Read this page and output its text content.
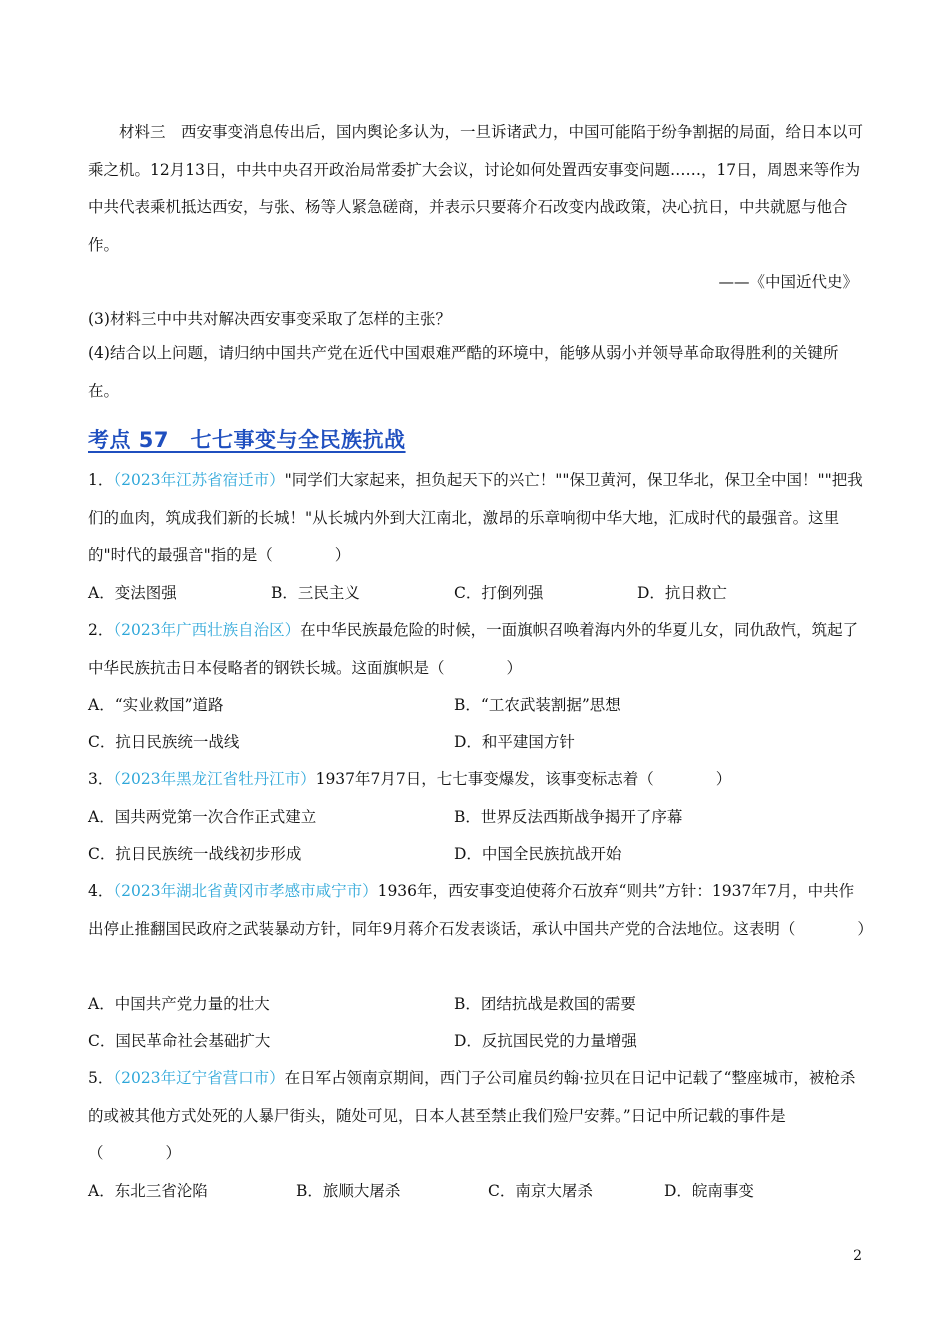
材料三　西安事变消息传出后，国内舆论多认为，一旦诉诸武力，中国可能陷于纷争割据的局面，给日本以可乘之机。12月13日，中共中央召开政治局常委扩大会议，讨论如何处置西安事变问题……，17日，周恩来等作为中共代表乘机抵达西安，与张、杨等人紧急磋商，并表示只要蒋介石改变内战政策，决心抗日，中共就愿与他合作。
——《中国近代史》
(3)材料三中中共对解决西安事变采取了怎样的主张？
(4)结合以上问题，请归纳中国共产党在近代中国艰难严酷的环境中，能够从弱小并领导革命取得胜利的关键所在。
考点 57　七七事变与全民族抗战
1．（2023年江苏省宿迁市）"同学们大家起来，担负起天下的兴亡！""保卫黄河，保卫华北，保卫全中国！""把我们的血肉，筑成我们新的长城！"从长城内外到大江南北，激昂的乐章响彻中华大地，汇成时代的最强音。这里的"时代的最强音"指的是（　　　　）
A．变法图强	B．三民主义	C．打倒列强	D．抗日救亡
2．（2023年广西壮族自治区）在中华民族最危险的时候，一面旗帜召唤着海内外的华夏儿女，同仇敌忾，筑起了中华民族抗击日本侵略者的钢铁长城。这面旗帜是（　　　　）
A．“实业救国”道路	B．“工农武装割据”思想
C．抗日民族统一战线	D．和平建国方针
3．（2023年黑龙江省牡丹江市）1937年7月7日，七七事变爆发，该事变标志着（　　　　）
A．国共两党第一次合作正式建立	B．世界反法西斯战争揭开了序幕
C．抗日民族统一战线初步形成	D．中国全民族抗战开始
4．（2023年湖北省黄冈市孝感市咸宁市）1936年，西安事变迫使蒋介石放弃“则共”方针：1937年7月，中共作出停止推翻国民政府之武装暴动方针，同年9月蒋介石发表谈话，承认中国共产党的合法地位。这表明（　　　　）
A．中国共产党力量的壮大	B．团结抗战是救国的需要
C．国民革命社会基础扩大	D．反抗国民党的力量增强
5．（2023年辽宁省营口市）在日军占领南京期间，西门子公司雇员约翰·拉贝在日记中记载了“整座城市，被枪杀的或被其他方式处死的人暴尸街头，随处可见，日本人甚至禁止我们殓尸安葬。”日记中所记载的事件是（　　　　）
A．东北三省沦陷	B．旅顺大屠杀	C．南京大屠杀	D．皖南事变
2
